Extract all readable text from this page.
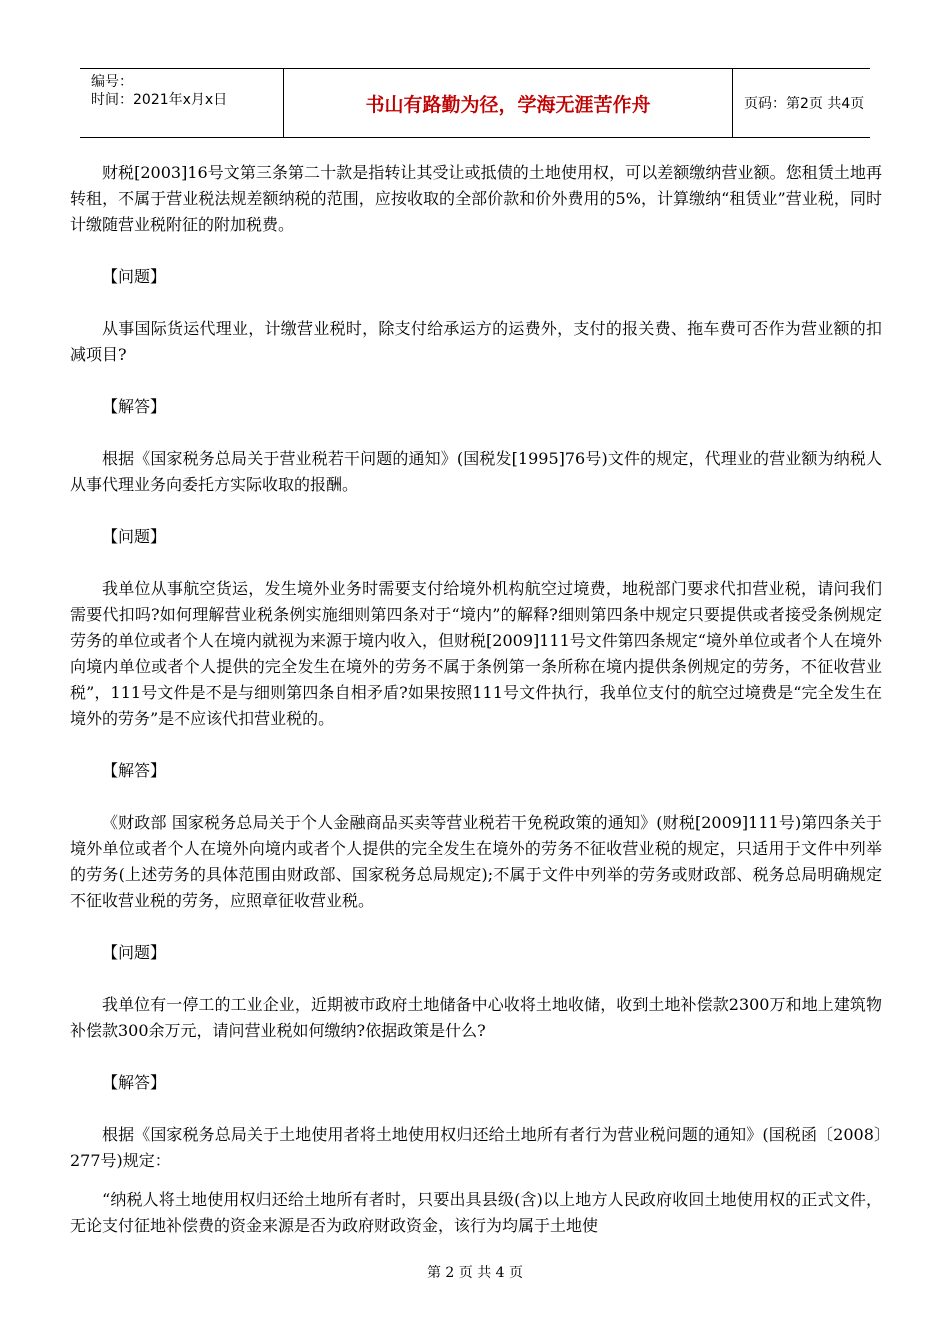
编号：
时间：2021年x月x日	书山有路勤为径，学海无涯苦作舟	页码：第2页 共4页

财税[2003]16号文第三条第二十款是指转让其受让或抵债的土地使用权，可以差额缴纳营业额。您租赁土地再转租，不属于营业税法规差额纳税的范围，应按收取的全部价款和价外费用的5%，计算缴纳“租赁业”营业税，同时计缴随营业税附征的附加税费。

【问题】

从事国际货运代理业，计缴营业税时，除支付给承运方的运费外，支付的报关费、拖车费可否作为营业额的扣减项目?

【解答】

根据《国家税务总局关于营业税若干问题的通知》(国税发[1995]76号)文件的规定，代理业的营业额为纳税人从事代理业务向委托方实际收取的报酬。

【问题】

我单位从事航空货运，发生境外业务时需要支付给境外机构航空过境费，地税部门要求代扣营业税，请问我们需要代扣吗?如何理解营业税条例实施细则第四条对于“境内”的解释?细则第四条中规定只要提供或者接受条例规定劳务的单位或者个人在境内就视为来源于境内收入，但财税[2009]111号文件第四条规定“境外单位或者个人在境外向境内单位或者个人提供的完全发生在境外的劳务不属于条例第一条所称在境内提供条例规定的劳务，不征收营业税”，111号文件是不是与细则第四条自相矛盾?如果按照111号文件执行，我单位支付的航空过境费是“完全发生在境外的劳务”是不应该代扣营业税的。

【解答】

《财政部 国家税务总局关于个人金融商品买卖等营业税若干免税政策的通知》(财税[2009]111号)第四条关于境外单位或者个人在境外向境内或者个人提供的完全发生在境外的劳务不征收营业税的规定，只适用于文件中列举的劳务(上述劳务的具体范围由财政部、国家税务总局规定);不属于文件中列举的劳务或财政部、税务总局明确规定不征收营业税的劳务，应照章征收营业税。

【问题】

我单位有一停工的工业企业，近期被市政府土地储备中心收将土地收储，收到土地补偿款2300万和地上建筑物补偿款300余万元，请问营业税如何缴纳?依据政策是什么?

【解答】

根据《国家税务总局关于土地使用者将土地使用权归还给土地所有者行为营业税问题的通知》(国税函〔2008〕277号)规定：

“纳税人将土地使用权归还给土地所有者时，只要出具县级(含)以上地方人民政府收回土地使用权的正式文件，无论支付征地补偿费的资金来源是否为政府财政资金，该行为均属于土地使

第 2 页 共 4 页
